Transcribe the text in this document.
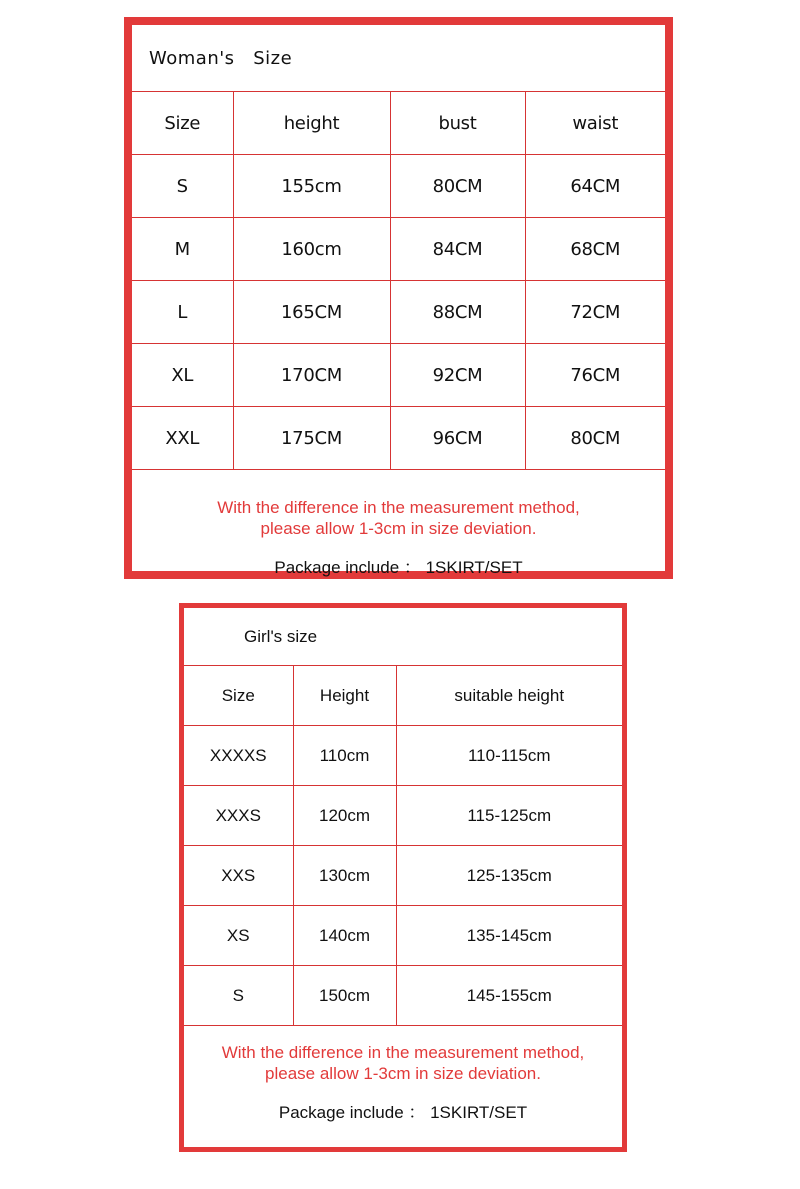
Woman's   Size
Size	height	bust	waist
S	155cm	80CM	64CM
M	160cm	84CM	68CM
L	165CM	88CM	72CM
XL	170CM	92CM	76CM
XXL	175CM	96CM	80CM
With the difference in the measurement method,
please allow 1-3cm in size deviation.
Package include ： 1SKIRT/SET
Girl's size
Size	Height	suitable height
XXXXS	110cm	110-115cm
XXXS	120cm	115-125cm
XXS	130cm	125-135cm
XS	140cm	135-145cm
S	150cm	145-155cm
With the difference in the measurement method,
please allow 1-3cm in size deviation.
Package include ： 1SKIRT/SET
